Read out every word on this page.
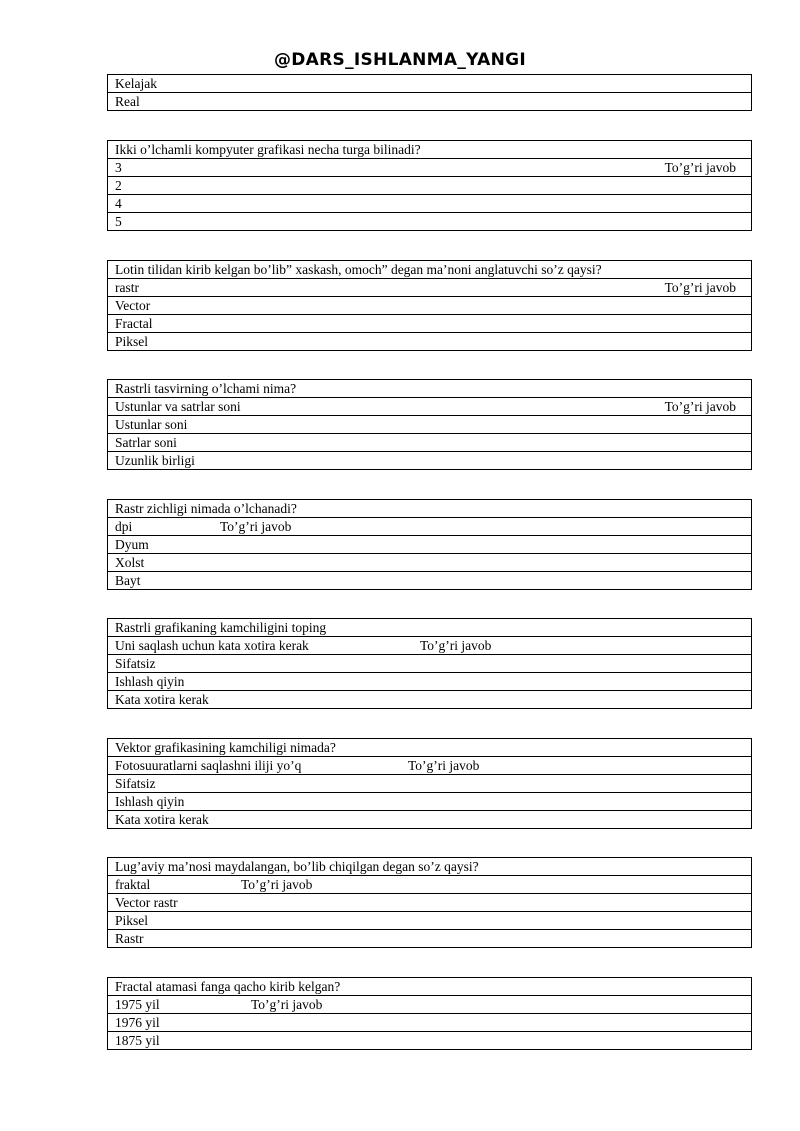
@DARS_ISHLANMA_YANGI
Kelajak
Real
Ikki o’lchamli kompyuter grafikasi necha turga bilinadi?
3	To’g’ri javob
2
4
5
Lotin tilidan kirib kelgan bo’lib” xaskash, omoch” degan ma’noni anglatuvchi so’z qaysi?
rastr	To’g’ri javob
Vector
Fractal
Piksel
Rastrli tasvirning o’lchami nima?
Ustunlar va satrlar soni	To’g’ri javob
Ustunlar soni
Satrlar soni
Uzunlik birligi
Rastr zichligi nimada o’lchanadi?
dpi	To’g’ri javob
Dyum
Xolst
Bayt
Rastrli grafikaning kamchiligini toping
Uni saqlash uchun kata xotira kerak	To’g’ri javob
Sifatsiz
Ishlash qiyin
Kata xotira kerak
Vektor grafikasining kamchiligi nimada?
Fotosuuratlarni saqlashni iliji yo’q	To’g’ri javob
Sifatsiz
Ishlash qiyin
Kata xotira kerak
Lug’aviy ma’nosi maydalangan, bo’lib chiqilgan degan so’z qaysi?
fraktal	To’g’ri javob
Vector rastr
Piksel
Rastr
Fractal atamasi fanga qacho kirib kelgan?
1975 yil	To’g’ri javob
1976 yil
1875 yil
